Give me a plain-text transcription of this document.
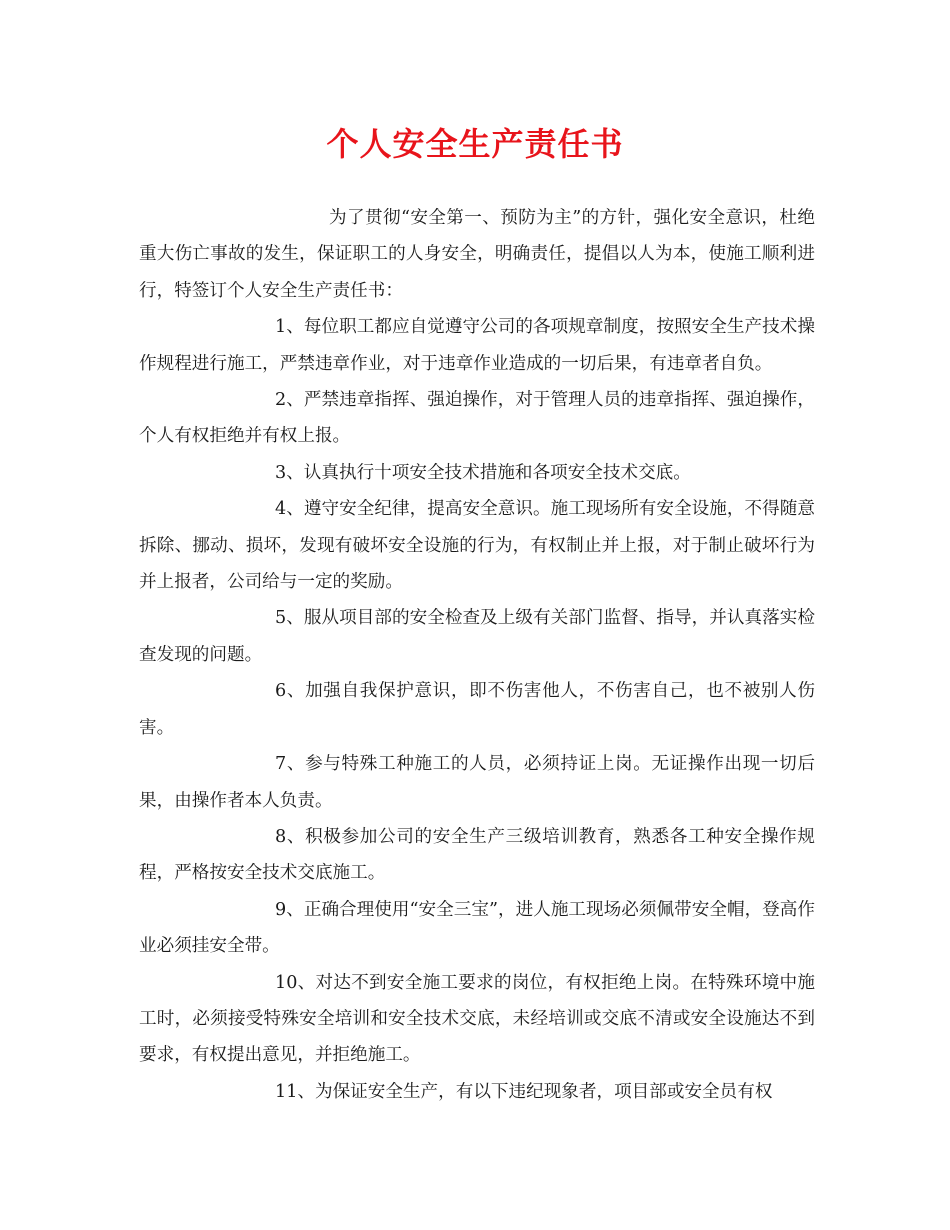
个人安全生产责任书

为了贯彻“安全第一、预防为主”的方针，强化安全意识，杜绝重大伤亡事故的发生，保证职工的人身安全，明确责任，提倡以人为本，使施工顺利进行，特签订个人安全生产责任书：

1、每位职工都应自觉遵守公司的各项规章制度，按照安全生产技术操作规程进行施工，严禁违章作业，对于违章作业造成的一切后果，有违章者自负。

2、严禁违章指挥、强迫操作，对于管理人员的违章指挥、强迫操作，个人有权拒绝并有权上报。

3、认真执行十项安全技术措施和各项安全技术交底。

4、遵守安全纪律，提高安全意识。施工现场所有安全设施，不得随意拆除、挪动、损坏，发现有破坏安全设施的行为，有权制止并上报，对于制止破坏行为并上报者，公司给与一定的奖励。

5、服从项目部的安全检查及上级有关部门监督、指导，并认真落实检查发现的问题。

6、加强自我保护意识，即不伤害他人，不伤害自己，也不被别人伤害。

7、参与特殊工种施工的人员，必须持证上岗。无证操作出现一切后果，由操作者本人负责。

8、积极参加公司的安全生产三级培训教育，熟悉各工种安全操作规程，严格按安全技术交底施工。

9、正确合理使用“安全三宝”，进人施工现场必须佩带安全帽，登高作业必须挂安全带。

10、对达不到安全施工要求的岗位，有权拒绝上岗。在特殊环境中施工时，必须接受特殊安全培训和安全技术交底，未经培训或交底不清或安全设施达不到要求，有权提出意见，并拒绝施工。

11、为保证安全生产，有以下违纪现象者，项目部或安全员有权
